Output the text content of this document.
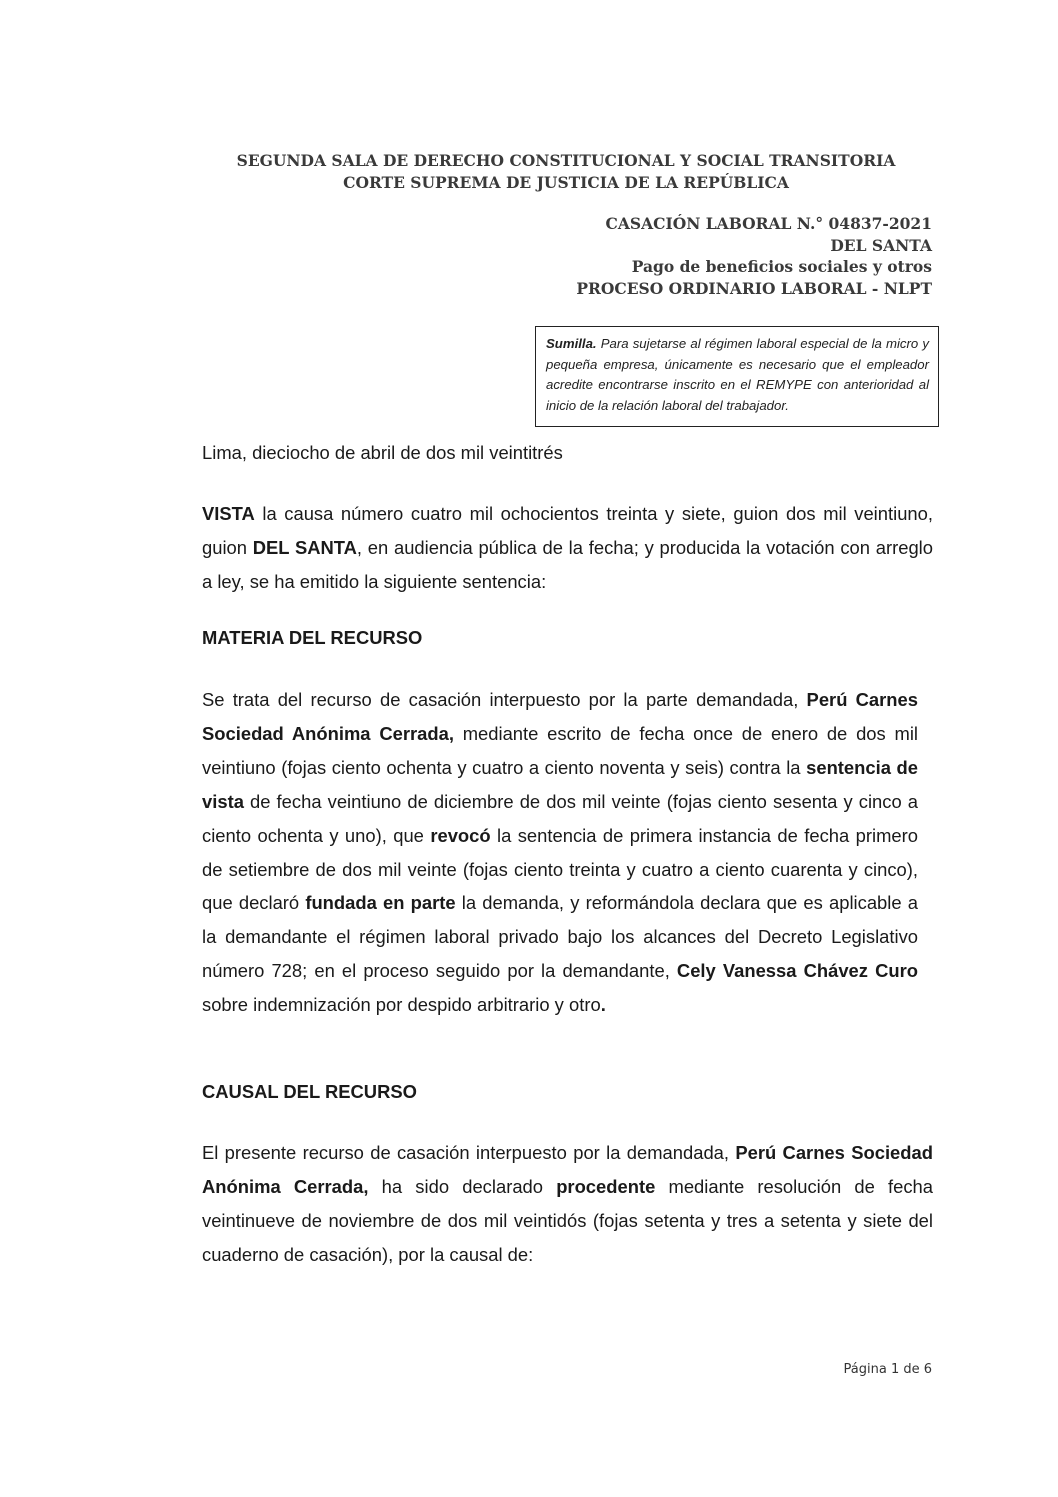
SEGUNDA SALA DE DERECHO CONSTITUCIONAL Y SOCIAL TRANSITORIA
CORTE SUPREMA DE JUSTICIA DE LA REPÚBLICA
CASACIÓN LABORAL N.° 04837-2021
DEL SANTA
Pago de beneficios sociales y otros
PROCESO ORDINARIO LABORAL - NLPT
Sumilla. Para sujetarse al régimen laboral especial de la micro y pequeña empresa, únicamente es necesario que el empleador acredite encontrarse inscrito en el REMYPE con anterioridad al inicio de la relación laboral del trabajador.
Lima, dieciocho de abril de dos mil veintitrés

VISTA la causa número cuatro mil ochocientos treinta y siete, guion dos mil veintiuno, guion DEL SANTA, en audiencia pública de la fecha; y producida la votación con arreglo a ley, se ha emitido la siguiente sentencia:

MATERIA DEL RECURSO

Se trata del recurso de casación interpuesto por la parte demandada, Perú Carnes Sociedad Anónima Cerrada, mediante escrito de fecha once de enero de dos mil veintiuno (fojas ciento ochenta y cuatro a ciento noventa y seis) contra la sentencia de vista de fecha veintiuno de diciembre de dos mil veinte (fojas ciento sesenta y cinco a ciento ochenta y uno), que revocó la sentencia de primera instancia de fecha primero de setiembre de dos mil veinte (fojas ciento treinta y cuatro a ciento cuarenta y cinco), que declaró fundada en parte la demanda, y reformándola declara que es aplicable a la demandante el régimen laboral privado bajo los alcances del Decreto Legislativo número 728; en el proceso seguido por la demandante, Cely Vanessa Chávez Curo sobre indemnización por despido arbitrario y otro.

CAUSAL DEL RECURSO

El presente recurso de casación interpuesto por la demandada, Perú Carnes Sociedad Anónima Cerrada, ha sido declarado procedente mediante resolución de fecha veintinueve de noviembre de dos mil veintidós (fojas setenta y tres a setenta y siete del cuaderno de casación), por la causal de:

Página 1 de 6
